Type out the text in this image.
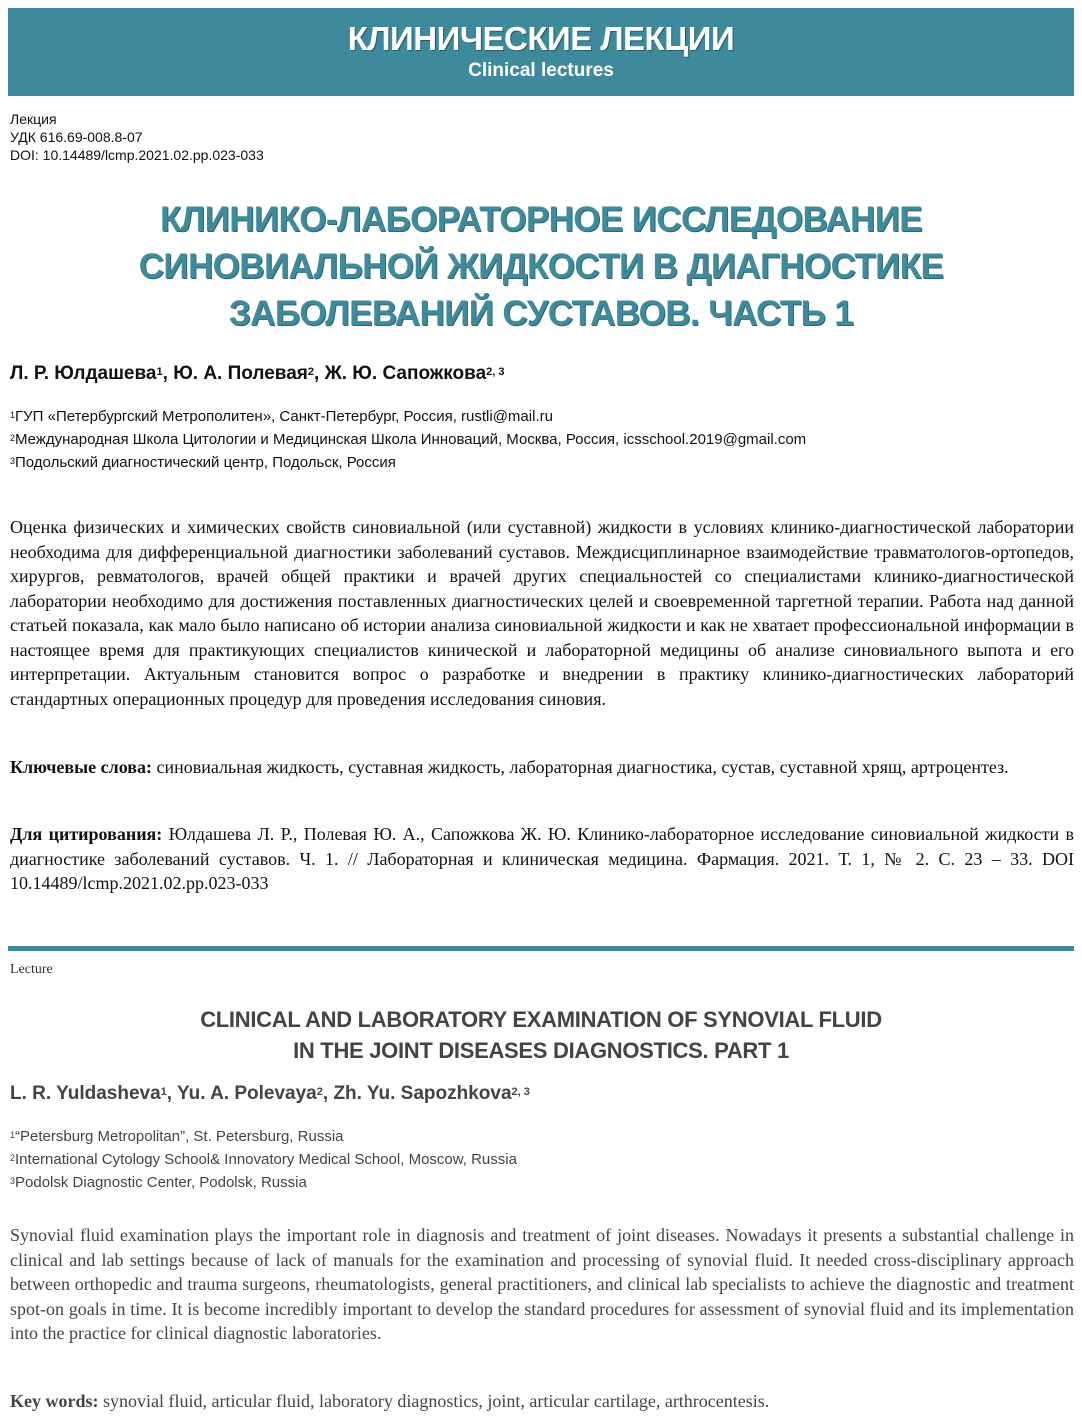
КЛИНИЧЕСКИЕ ЛЕКЦИИ
Clinical lectures
Лекция
УДК 616.69-008.8-07
DOI: 10.14489/lcmp.2021.02.pp.023-033
КЛИНИКО-ЛАБОРАТОРНОЕ ИССЛЕДОВАНИЕ
СИНОВИАЛЬНОЙ ЖИДКОСТИ В ДИАГНОСТИКЕ
ЗАБОЛЕВАНИЙ СУСТАВОВ. ЧАСТЬ 1
Л. Р. Юлдашева$^1$, Ю. А. Полевая$^2$, Ж. Ю. Сапожкова$^{2, 3}$
$^1$ГУП «Петербургский Метрополитен», Санкт-Петербург, Россия, rustli@mail.ru
$^2$Международная Школа Цитологии и Медицинская Школа Инноваций, Москва, Россия, icsschool.2019@gmail.com
$^3$Подольский диагностический центр, Подольск, Россия
Оценка физических и химических свойств синовиальной (или суставной) жидкости в условиях клинико-диагностической лаборатории необходима для дифференциальной диагностики заболеваний суставов. Междисциплинарное взаимодействие травматологов-ортопедов, хирургов, ревматологов, врачей общей практики и врачей других специальностей со специалистами клинико-диагностической лаборатории необходимо для достижения поставленных диагностических целей и своевременной таргетной терапии. Работа над данной статьей показала, как мало было написано об истории анализа синовиальной жидкости и как не хватает профессиональной информации в настоящее время для практикующих специалистов кинической и лабораторной медицины об анализе синовиального выпота и его интерпретации. Актуальным становится вопрос о разработке и внедрении в практику клинико-диагностических лабораторий стандартных операционных процедур для проведения исследования синовия.
Ключевые слова: синовиальная жидкость, суставная жидкость, лабораторная диагностика, сустав, суставной хрящ, артроцентез.
Для цитирования: Юлдашева Л. Р., Полевая Ю. А., Сапожкова Ж. Ю. Клинико-лабораторное исследование синовиальной жидкости в диагностике заболеваний суставов. Ч. 1. // Лабораторная и клиническая медицина. Фармация. 2021. Т. 1, № 2. С. 23 – 33. DOI 10.14489/lcmp.2021.02.pp.023-033
Lecture
CLINICAL AND LABORATORY EXAMINATION OF SYNOVIAL FLUID
IN THE JOINT DISEASES DIAGNOSTICS. PART 1
L. R. Yuldasheva$^1$, Yu. A. Polevaya$^2$, Zh. Yu. Sapozhkova$^{2, 3}$
$^1$“Petersburg Metropolitan”, St. Petersburg, Russia
$^2$International Cytology School& Innovatory Medical School, Moscow, Russia
$^3$Podolsk Diagnostic Center, Podolsk, Russia
Synovial fluid examination plays the important role in diagnosis and treatment of joint diseases. Nowadays it presents a substantial challenge in clinical and lab settings because of lack of manuals for the examination and processing of synovial fluid. It needed cross-disciplinary approach between orthopedic and trauma surgeons, rheumatologists, general practitioners, and clinical lab specialists to achieve the diagnostic and treatment spot-on goals in time. It is become incredibly important to develop the standard procedures for assessment of synovial fluid and its implementation into the practice for clinical diagnostic laboratories.
Key words: synovial fluid, articular fluid, laboratory diagnostics, joint, articular cartilage, arthrocentesis.
